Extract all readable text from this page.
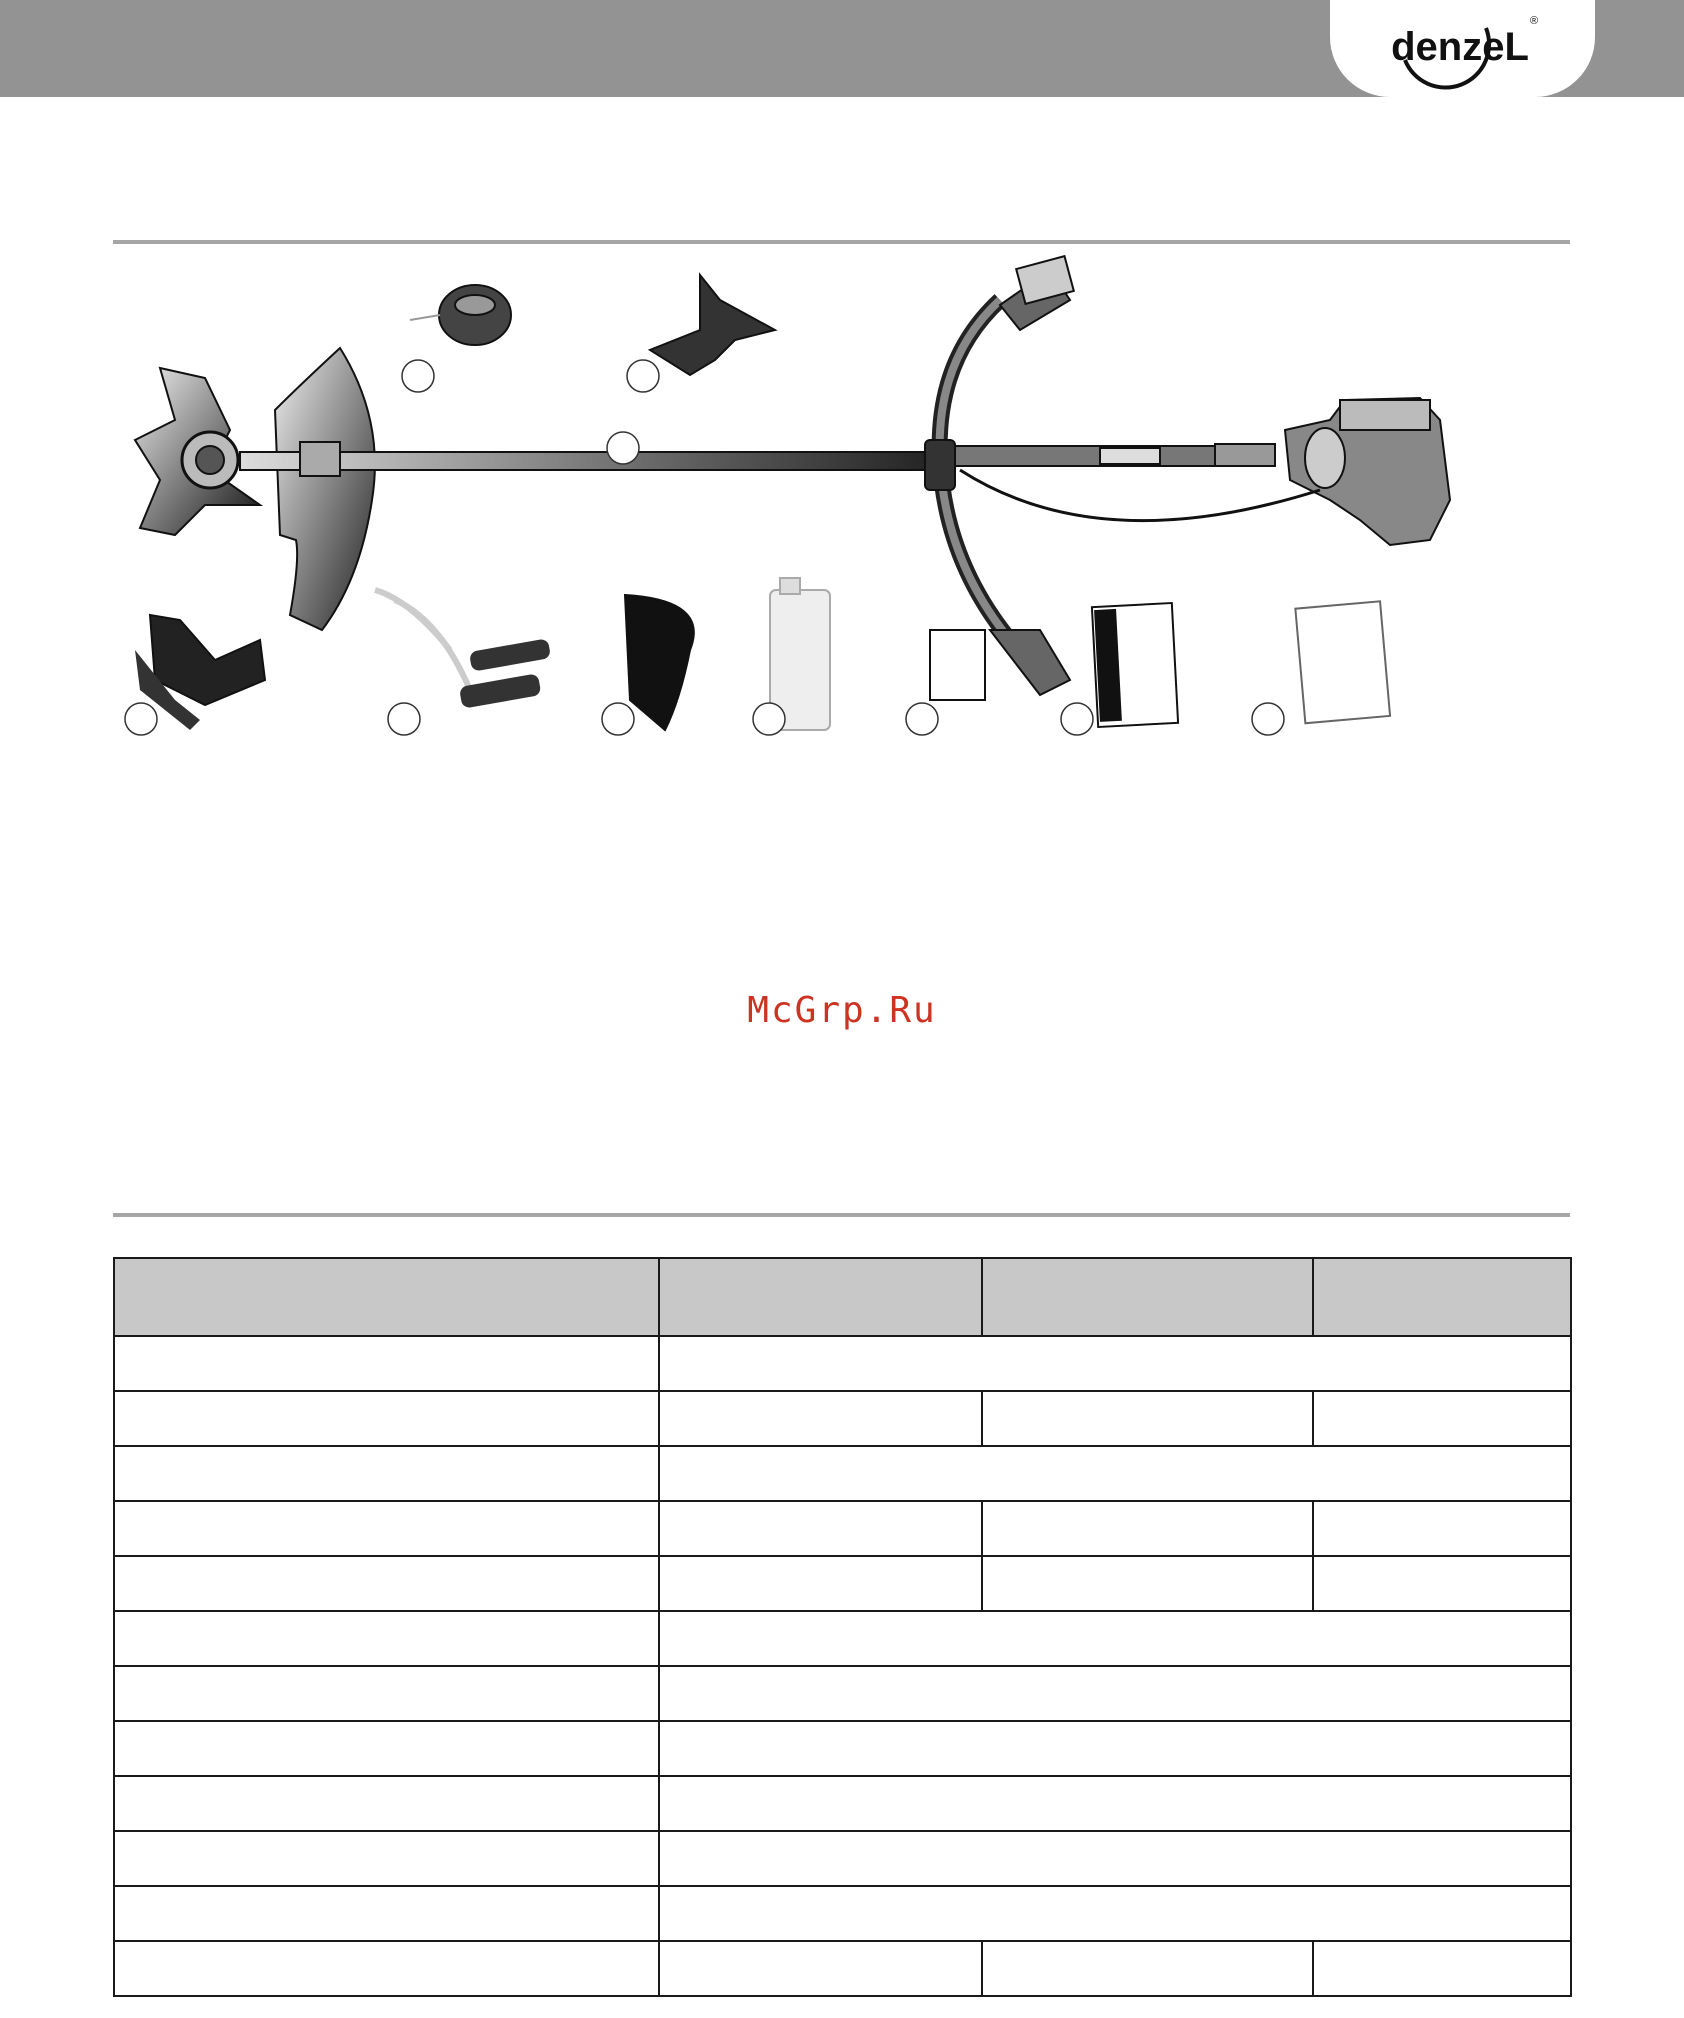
denzeL
®
McGrp.Ru
